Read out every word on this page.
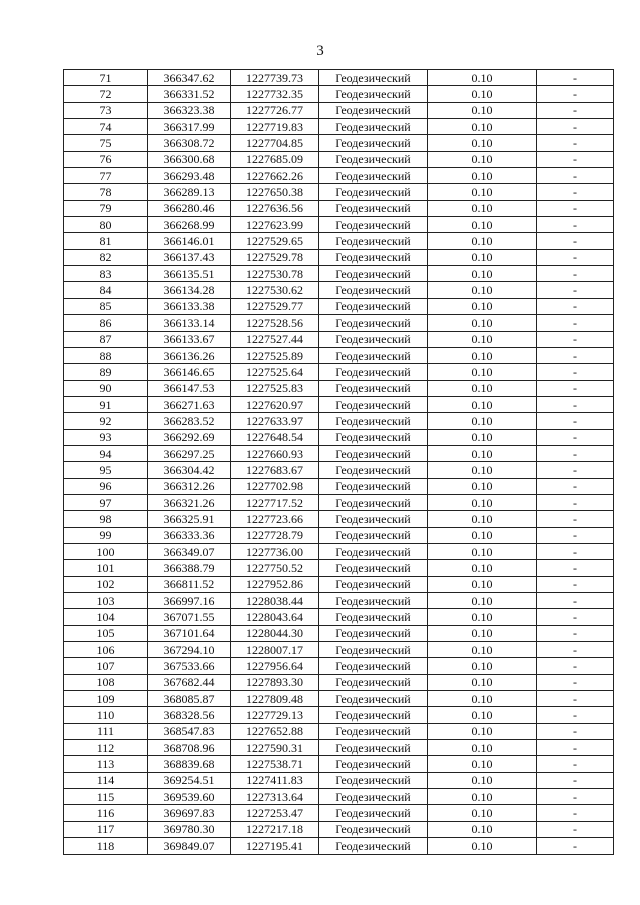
3
71	366347.62	1227739.73	Геодезический	0.10	-
72	366331.52	1227732.35	Геодезический	0.10	-
73	366323.38	1227726.77	Геодезический	0.10	-
74	366317.99	1227719.83	Геодезический	0.10	-
75	366308.72	1227704.85	Геодезический	0.10	-
76	366300.68	1227685.09	Геодезический	0.10	-
77	366293.48	1227662.26	Геодезический	0.10	-
78	366289.13	1227650.38	Геодезический	0.10	-
79	366280.46	1227636.56	Геодезический	0.10	-
80	366268.99	1227623.99	Геодезический	0.10	-
81	366146.01	1227529.65	Геодезический	0.10	-
82	366137.43	1227529.78	Геодезический	0.10	-
83	366135.51	1227530.78	Геодезический	0.10	-
84	366134.28	1227530.62	Геодезический	0.10	-
85	366133.38	1227529.77	Геодезический	0.10	-
86	366133.14	1227528.56	Геодезический	0.10	-
87	366133.67	1227527.44	Геодезический	0.10	-
88	366136.26	1227525.89	Геодезический	0.10	-
89	366146.65	1227525.64	Геодезический	0.10	-
90	366147.53	1227525.83	Геодезический	0.10	-
91	366271.63	1227620.97	Геодезический	0.10	-
92	366283.52	1227633.97	Геодезический	0.10	-
93	366292.69	1227648.54	Геодезический	0.10	-
94	366297.25	1227660.93	Геодезический	0.10	-
95	366304.42	1227683.67	Геодезический	0.10	-
96	366312.26	1227702.98	Геодезический	0.10	-
97	366321.26	1227717.52	Геодезический	0.10	-
98	366325.91	1227723.66	Геодезический	0.10	-
99	366333.36	1227728.79	Геодезический	0.10	-
100	366349.07	1227736.00	Геодезический	0.10	-
101	366388.79	1227750.52	Геодезический	0.10	-
102	366811.52	1227952.86	Геодезический	0.10	-
103	366997.16	1228038.44	Геодезический	0.10	-
104	367071.55	1228043.64	Геодезический	0.10	-
105	367101.64	1228044.30	Геодезический	0.10	-
106	367294.10	1228007.17	Геодезический	0.10	-
107	367533.66	1227956.64	Геодезический	0.10	-
108	367682.44	1227893.30	Геодезический	0.10	-
109	368085.87	1227809.48	Геодезический	0.10	-
110	368328.56	1227729.13	Геодезический	0.10	-
111	368547.83	1227652.88	Геодезический	0.10	-
112	368708.96	1227590.31	Геодезический	0.10	-
113	368839.68	1227538.71	Геодезический	0.10	-
114	369254.51	1227411.83	Геодезический	0.10	-
115	369539.60	1227313.64	Геодезический	0.10	-
116	369697.83	1227253.47	Геодезический	0.10	-
117	369780.30	1227217.18	Геодезический	0.10	-
118	369849.07	1227195.41	Геодезический	0.10	-
